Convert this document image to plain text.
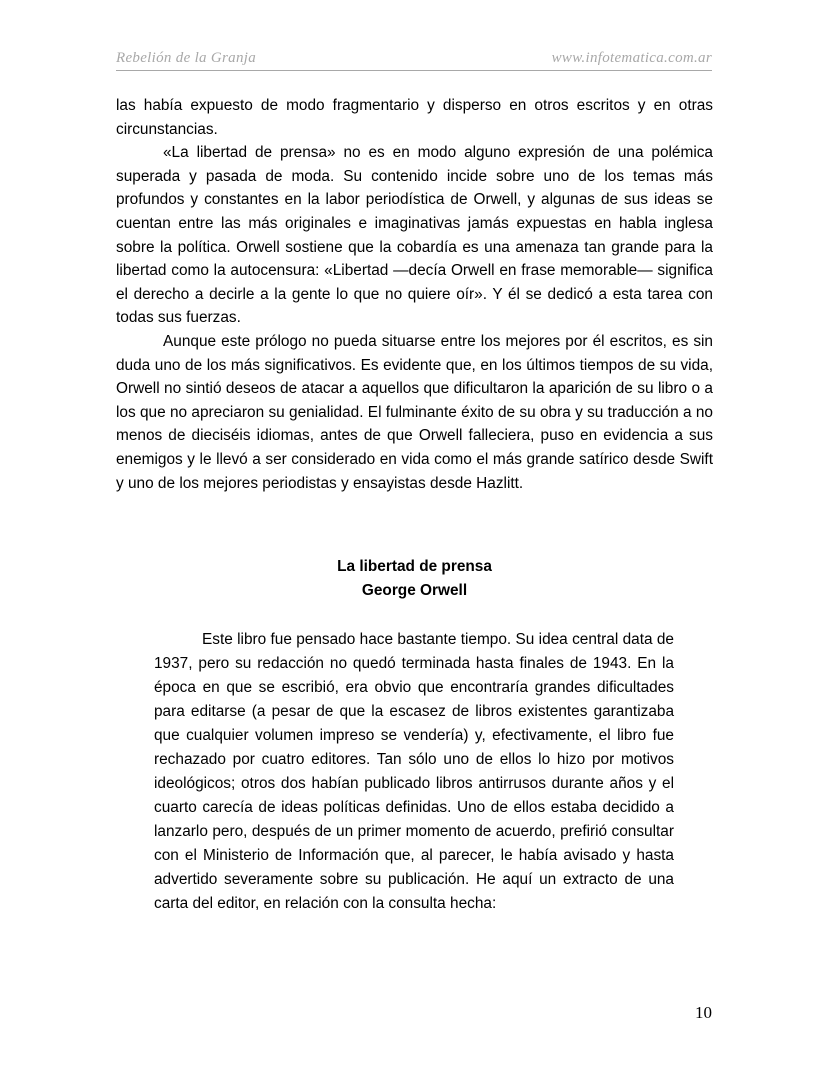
Rebelión de la Granja	www.infotematica.com.ar

las había expuesto de modo fragmentario y disperso en otros escritos y en otras circunstancias.

«La libertad de prensa» no es en modo alguno expresión de una polémica superada y pasada de moda. Su contenido incide sobre uno de los temas más profundos y constantes en la labor periodística de Orwell, y algunas de sus ideas se cuentan entre las más originales e imaginativas jamás expuestas en habla inglesa sobre la política. Orwell sostiene que la cobardía es una amenaza tan grande para la libertad como la autocensura: «Libertad —decía Orwell en frase memorable— significa el derecho a decirle a la gente lo que no quiere oír». Y él se dedicó a esta tarea con todas sus fuerzas.

Aunque este prólogo no pueda situarse entre los mejores por él escritos, es sin duda uno de los más significativos. Es evidente que, en los últimos tiempos de su vida, Orwell no sintió deseos de atacar a aquellos que dificultaron la aparición de su libro o a los que no apreciaron su genialidad. El fulminante éxito de su obra y su traducción a no menos de dieciséis idiomas, antes de que Orwell falleciera, puso en evidencia a sus enemigos y le llevó a ser considerado en vida como el más grande satírico desde Swift y uno de los mejores periodistas y ensayistas desde Hazlitt.

La libertad de prensa
George Orwell

Este libro fue pensado hace bastante tiempo. Su idea central data de 1937, pero su redacción no quedó terminada hasta finales de 1943. En la época en que se escribió, era obvio que encontraría grandes dificultades para editarse (a pesar de que la escasez de libros existentes garantizaba que cualquier volumen impreso se vendería) y, efectivamente, el libro fue rechazado por cuatro editores. Tan sólo uno de ellos lo hizo por motivos ideológicos; otros dos habían publicado libros antirrusos durante años y el cuarto carecía de ideas políticas definidas. Uno de ellos estaba decidido a lanzarlo pero, después de un primer momento de acuerdo, prefirió consultar con el Ministerio de Información que, al parecer, le había avisado y hasta advertido severamente sobre su publicación. He aquí un extracto de una carta del editor, en relación con la consulta hecha:

10
